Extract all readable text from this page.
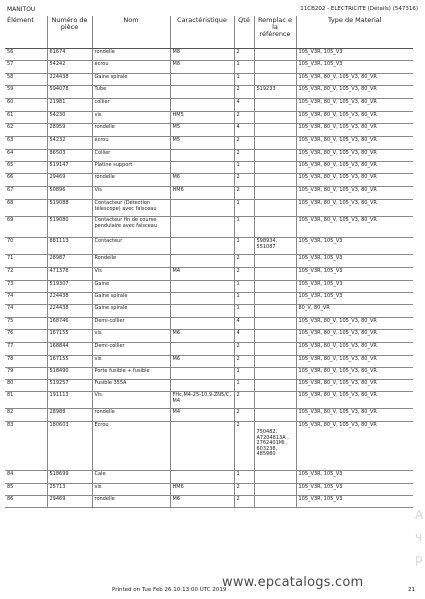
MANITOU	11CB202 - ELECTRICITE (Détails) (547316)
Élément	Numéro de pièce	Nom	Caractéristique	Qté	Remplac e la référence	Type de Material
56	61674	rondelle	M8	2		105_V3R, 105_V3
57	54242	écrou	M8	1		105_V3R, 105_V3
58	224438	Gaine spirale		1		105_V3R, 80_V, 105_V3, 80_VR
59	594078	Tube		2	519233	105_V3R, 80_V, 105_V3, 80_VR
60	21981	collier		4		105_V3R, 80_V, 105_V3, 80_VR
61	54230	vis	HM5	2		105_V3R, 80_V, 105_V3, 80_VR
62	28959	rondelle	M5	4		105_V3R, 80_V, 105_V3, 80_VR
63	54232	écrou	M5	2		105_V3R, 80_V, 105_V3, 80_VR
64	86503	Collier		2		105_V3R, 80_V, 105_V3, 80_VR
65	519147	Platine support		1		105_V3R, 80_V, 105_V3, 80_VR
66	29469	rondelle	M6	2		105_V3R, 80_V, 105_V3, 80_VR
67	50896	Vis	HM6	2		105_V3R, 80_V, 105_V3, 80_VR
68	519088	Contacteur (Détection télescope) avec faisceau		1		105_V3R, 80_V, 105_V3, 80_VR
69	519080	Contacteur fin de course penduiaire avec faisceau		1		105_V3R, 80_V, 105_V3, 80_VR
70	881113	Contacteur		1	598934, 551087	105_V3R, 105_V3
71	28987	Rondelle		2		105_V3R, 105_V3
72	471378	Vis	M4	2		105_V3R, 105_V3
73	519307	Gaine		1		105_V3R, 105_V3
74	224438	Gaine spirale		1		105_V3R, 105_V3
74	224438	Gaine spirale		1		80_V, 80_VR
75	168746	Demi-collier		4		105_V3R, 80_V, 105_V3, 80_VR
76	167155	vis	M6	4		105_V3R, 80_V, 105_V3, 80_VR
77	168844	Demi-collier		2		105_V3R, 80_V, 105_V3, 80_VR
78	167155	vis	M6	2		105_V3R, 80_V, 105_V3, 80_VR
79	518490	Porte fusible + fusible		1		105_V3R, 80_V, 105_V3, 80_VR
80	519257	Fusible 355A		1		105_V3R, 80_V, 105_V3, 80_VR
81	191113	Vis	FHc,M4-25-10.9-ZN5/C, M4	2		105_V3R, 80_V, 105_V3, 80_VR
82	28988	rondelle	M4	2		105_V3R, 80_V, 105_V3, 80_VR
83	180603	Ecrou		2	750482, A7204813A , 2762401MI , 603238, 485980	105_V3R, 80_V, 105_V3, 80_VR
84	518699	Cale		1		105_V3R, 105_V3
85	25713	vis	HM6	2		105_V3R, 105_V3
86	29469	rondelle	M6	2		105_V3R, 105_V3
www.epcatalogs.com
A
ч
р
Printed on Tue Feb 26 10:13:00 UTC 2019	21
